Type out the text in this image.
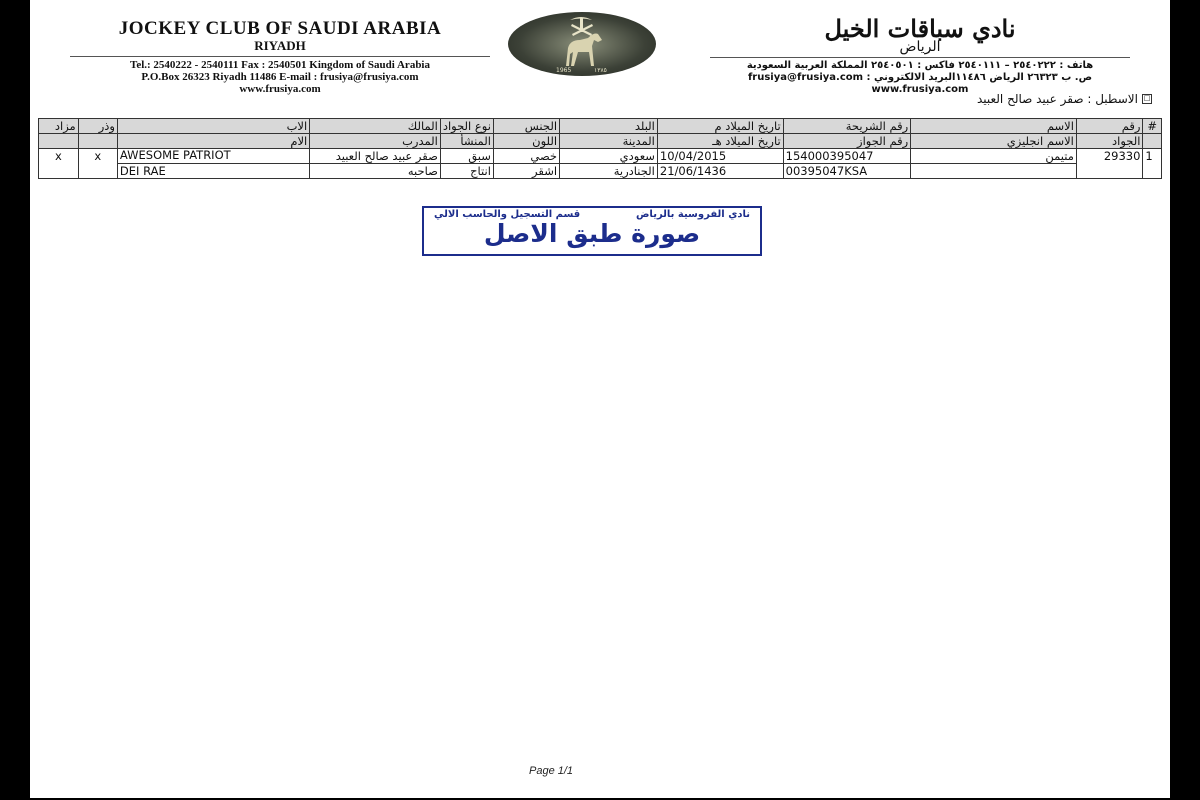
JOCKEY CLUB OF SAUDI ARABIA
RIYADH
Tel.: 2540222 - 2540111 Fax : 2540501 Kingdom of Saudi Arabia
P.O.Box 26323 Riyadh 11486 E-mail : frusiya@frusiya.com
www.frusiya.com
1965	١٣٨٥
نادي سباقات الخيل
الرياض
هاتف : ٢٥٤٠٢٢٢ – ٢٥٤٠١١١ فاكس : ٢٥٤٠٥٠١ المملكة العربية السعودية
ص. ب ٢٦٣٢٣ الرياض ١١٤٨٦البريد الالكتروني : frusiya@frusiya.com
www.frusiya.com
□
الاسطبل : صقر عبيد صالح العبيد
#	رقم	الاسم	رقم الشريحة	تاريخ الميلاد م	البلد	الجنس	نوع الجواد	المالك	الاب	وذر	مزاد
	الجواد	الاسم انجليزي	رقم الجواز	تاريخ الميلاد هـ	المدينة	اللون	المنشأ	المدرب	الام		
1	29330	متيمن	154000395047	10/04/2015	سعودي	خصي	سبق	صقر عبيد صالح العبيد	AWESOME PATRIOT	x	x
			00395047KSA	21/06/1436	الجنادرية	اشقر	انتاج	صاحبه	DEI RAE		
نادي الفروسية بالرياض
قسم التسجيل والحاسب الالي
صورة طبق الاصل
Page 1/1
